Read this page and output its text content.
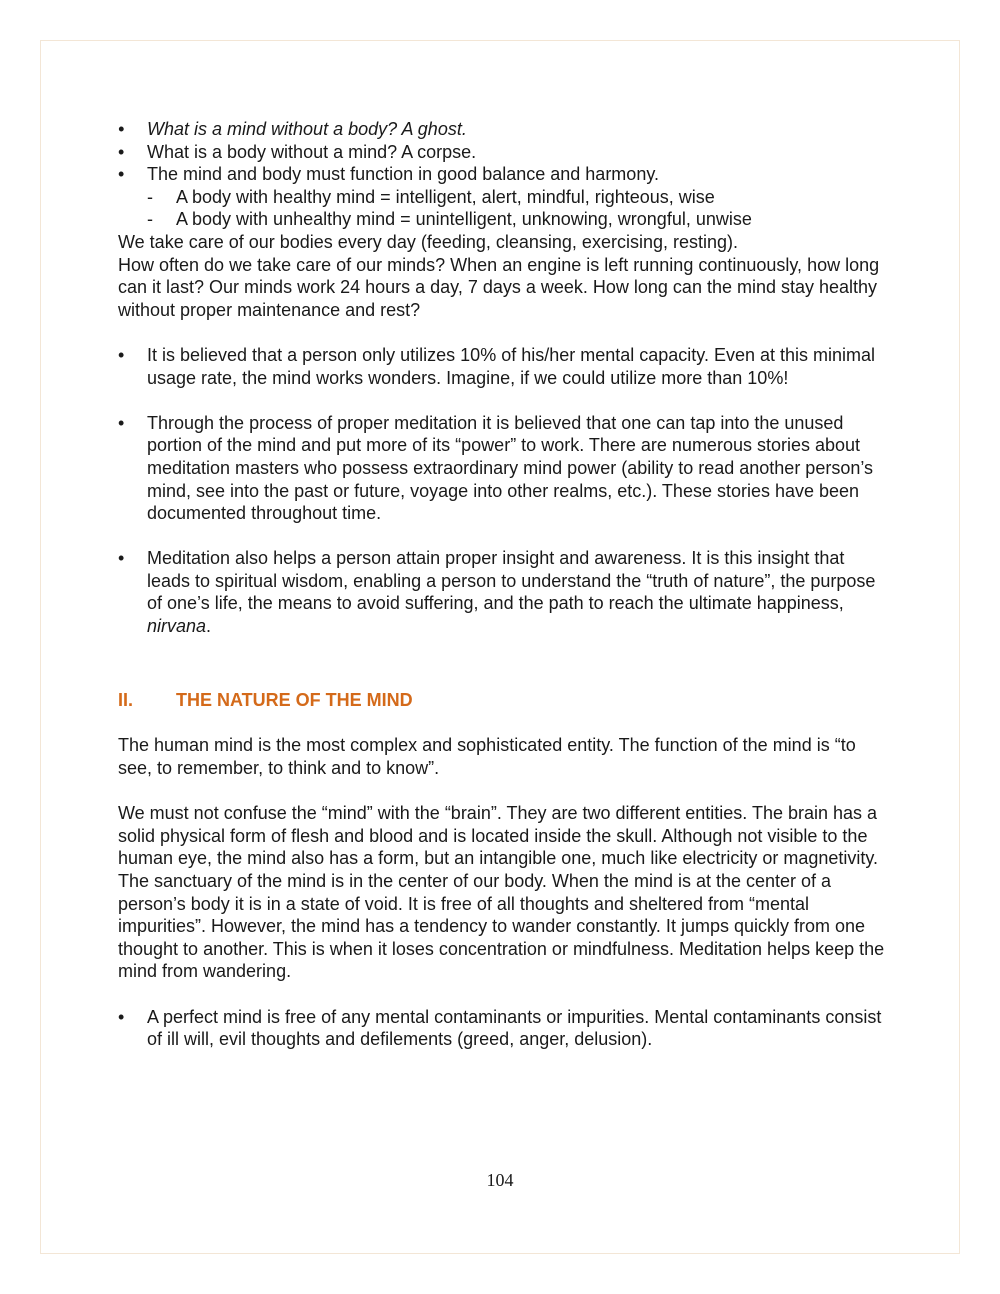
• What is a mind without a body? A ghost.
• What is a body without a mind? A corpse.
• The mind and body must function in good balance and harmony.
- A body with healthy mind = intelligent, alert, mindful, righteous, wise
- A body with unhealthy mind = unintelligent, unknowing, wrongful, unwise
We take care of our bodies every day (feeding, cleansing, exercising, resting).
How often do we take care of our minds? When an engine is left running continuously, how long can it last? Our minds work 24 hours a day, 7 days a week. How long can the mind stay healthy without proper maintenance and rest?
• It is believed that a person only utilizes 10% of his/her mental capacity. Even at this minimal usage rate, the mind works wonders. Imagine, if we could utilize more than 10%!
• Through the process of proper meditation it is believed that one can tap into the unused portion of the mind and put more of its “power” to work. There are numerous stories about meditation masters who possess extraordinary mind power (ability to read another person’s mind, see into the past or future, voyage into other realms, etc.). These stories have been documented throughout time.
• Meditation also helps a person attain proper insight and awareness. It is this insight that leads to spiritual wisdom, enabling a person to understand the “truth of nature”, the purpose of one’s life, the means to avoid suffering, and the path to reach the ultimate happiness, nirvana.
II. THE NATURE OF THE MIND
The human mind is the most complex and sophisticated entity. The function of the mind is “to see, to remember, to think and to know”.
We must not confuse the “mind” with the “brain”. They are two different entities. The brain has a solid physical form of flesh and blood and is located inside the skull. Although not visible to the human eye, the mind also has a form, but an intangible one, much like electricity or magnetivity. The sanctuary of the mind is in the center of our body. When the mind is at the center of a person’s body it is in a state of void. It is free of all thoughts and sheltered from “mental impurities”. However, the mind has a tendency to wander constantly. It jumps quickly from one thought to another. This is when it loses concentration or mindfulness. Meditation helps keep the mind from wandering.
• A perfect mind is free of any mental contaminants or impurities. Mental contaminants consist of ill will, evil thoughts and defilements (greed, anger, delusion).
104
